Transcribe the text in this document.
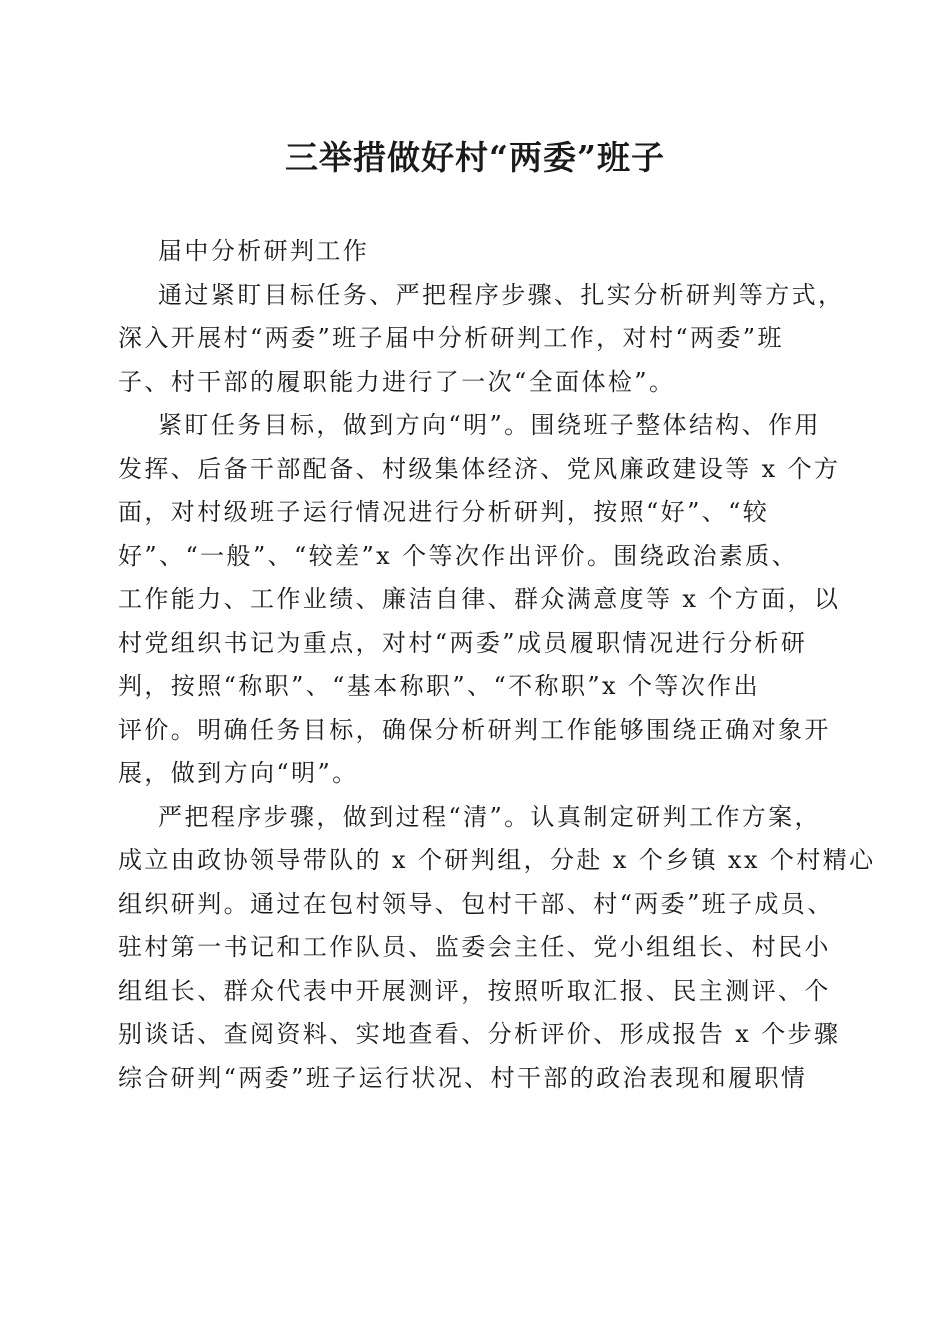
三举措做好村“两委”班子
届中分析研判工作
通过紧盯目标任务、严把程序步骤、扎实分析研判等方式，
深入开展村“两委”班子届中分析研判工作，对村“两委”班
子、村干部的履职能力进行了一次“全面体检”。
紧盯任务目标，做到方向“明”。围绕班子整体结构、作用
发挥、后备干部配备、村级集体经济、党风廉政建设等 x 个方
面，对村级班子运行情况进行分析研判，按照“好”、“较
好”、“一般”、“较差”x 个等次作出评价。围绕政治素质、
工作能力、工作业绩、廉洁自律、群众满意度等 x 个方面，以
村党组织书记为重点，对村“两委”成员履职情况进行分析研
判，按照“称职”、“基本称职”、“不称职”x 个等次作出
评价。明确任务目标，确保分析研判工作能够围绕正确对象开
展，做到方向“明”。
严把程序步骤，做到过程“清”。认真制定研判工作方案，
成立由政协领导带队的 x 个研判组，分赴 x 个乡镇 xx 个村精心
组织研判。通过在包村领导、包村干部、村“两委”班子成员、
驻村第一书记和工作队员、监委会主任、党小组组长、村民小
组组长、群众代表中开展测评，按照听取汇报、民主测评、个
别谈话、查阅资料、实地查看、分析评价、形成报告 x 个步骤
综合研判“两委”班子运行状况、村干部的政治表现和履职情
